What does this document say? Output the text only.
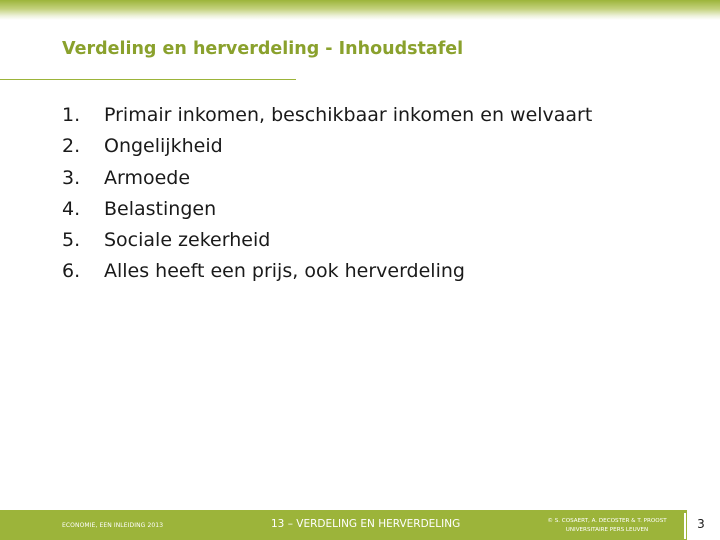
Verdeling en herverdeling - Inhoudstafel
1. Primair inkomen, beschikbaar inkomen en welvaart
2. Ongelijkheid
3. Armoede
4. Belastingen
5. Sociale zekerheid
6. Alles heeft een prijs, ook herverdeling
ECONOMIE, EEN INLEIDING 2013	13 – VERDELING EN HERVERDELING	© S. COSAERT, A. DECOSTER & T. PROOST
UNIVERSITAIRE PERS LEUVEN	3
